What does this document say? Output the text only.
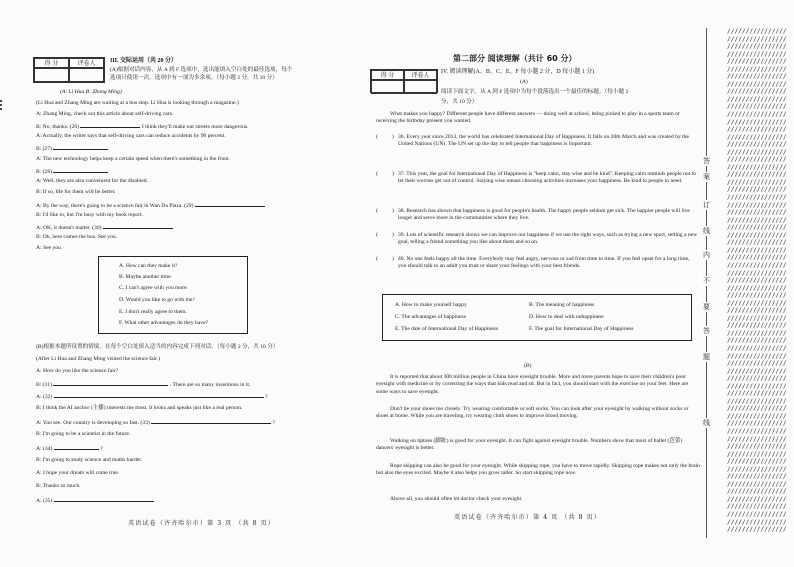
得 分	评卷人	III. 交际运用（共 20 分）
(A)根据对话内容，从 A 到 F 选项中，选出能填入空白处的最佳选项，每个
选项只使用一次。选项中有一项为多余项。（每小题 2 分，共 10 分）
(A: Li Hua B: Zhang Ming)
(Li Hua and Zhang Ming are waiting at a bus stop. Li Hua is looking through a magazine.)
A: Zhang Ming, check out this article about self-driving cars.
B: No, thanks. (26)	I think they'll make our streets more dangerous.
A: Actually, the writer says that self-driving cars can reduce accidents by 90 percent.
B: (27)
A: The new technology helps keep a certain speed when there's something in the front.
B: (28)
A: Well, they are also convenient for the disabled.
B: If so, life for them will be better.
A: By the way, there's going to be a science fair in Wan Da Plaza. (29)
B: I'd like to, but I'm busy with my book report.
A: OK, it doesn't matter. (30)
B: Oh, here comes the bus. See you.
A: See you.
A. How can they make it?
B. Maybe another time.
C. I can't agree with you more.
D. Would you like to go with me?
E. I don't really agree to them.
F. What other advantages do they have?
(B)根据本题所设置的情境，在每个空白处填入适当的内容完成下列对话。（每小题 2 分，共 10 分）
(After Li Hua and Zhang Ming visited the science fair.)
A: How do you like the science fair?
B: (31)	. There are so many inventions in it.
A: (32)	?
B: I think the AI anchor (主播) interests me most. It looks and speaks just like a real person.
A: You see. Our country is developing so fast. (33)	?
B: I'm going to be a scientist in the future.
A: (34)	?
B: I'm going to study science and maths harder.
A: I hope your dream will come true.
B: Thanks so much.
A: (35)
英语试卷（齐齐哈尔市）第 3 页 （共 8 页）
第二部分 阅读理解（共计 60 分）
得 分	评卷人
IV. 阅读理解(A、B、C、E、F 每小题 2 分，D 每小题 1 分)
(A)
阅读下面文字，从 A 到 F 选项中为每个段落选出一个最佳的标题。（每小题 2
分，共 10 分）
What makes you happy? Different people have different answers — doing well at school, being picked to play in a sports team or receiving the birthday present you wanted.
(	) 36. Every year since 2013, the world has celebrated International Day of Happiness. It falls on 20th March and was created by the United Nations (UN). The UN set up the day to tell people that happiness is important.
(	) 37. This year, the goal for International Day of Happiness is "keep calm, stay wise and be kind". Keeping calm reminds people not to let their worries get out of control. Staying wise means choosing activities increases your happiness. Be kind to people in need.
(	) 38. Research has shown that happiness is good for people's health. The happy people seldom get sick. The happier people will live longer and serve more in the communities where they live.
(	) 39. Lots of scientific research shows we can improve our happiness if we use the right ways, such as trying a new sport, setting a new goal, telling a friend something you like about them and so on.
(	) 40. No one feels happy all the time. Everybody may feel angry, nervous or sad from time to time. If you feel upset for a long time, you should talk to an adult you trust or share your feelings with your best friends.
A. How to make yourself happy	B. The meaning of happiness
C. The advantages of happiness	D. How to deal with unhappiness
E. The date of International Day of Happiness	F. The goal for International Day of Happiness
(B)
It is reported that about 300 million people in China have eyesight trouble. More and more parents hope to save their children's poor eyesight with medicine or by correcting the ways that kids read and sit. But in fact, you should start with the exercise on your feet. Here are some ways to save eyesight.
Don't tie your shoes too closely. Try wearing comfortable or soft socks. You can look after your eyesight by walking without socks or shoes at home. While you are traveling, try wearing cloth shoes to improve blood moving.
Walking on tiptoes (脚趾) is good for your eyesight. It can fight against eyesight trouble. Numbers show that most of ballet (芭蕾) dancers' eyesight is better.
Rope skipping can also be good for your eyesight. While skipping rope, you have to move rapidly. Skipping rope makes not only the brain but also the eyes excited. Maybe it also helps you grow taller. So start skipping rope now.
Above all, you should often let doctor check your eyesight.
英语试卷（齐齐哈尔市）第 4 页 （共 8 页）
////////////////
////////////////
////////////////
////////////////
////////////////
////////////////
////////////////
////////////////
////////////////
////////////////
////////////////
////////////////
////////////////
////////////////
////////////////
////////////////
////////////////
////////////////
////////////////
////////////////
////////////////
////////////////
////////////////
////////////////
////////////////
////////////////
////////////////
////////////////
////////////////
////////////////
////////////////
////////////////
////////////////
////////////////
////////////////
////////////////
////////////////
////////////////
////////////////
////////////////
////////////////
////////////////
////////////////
////////////////
////////////////
////////////////
////////////////
////////////////
////////////////
////////////////
////////////////
////////////////
////////////////
////////////////
////////////////
////////////////
////////////////
////////////////
////////////////
////////////////
////////////////
////////////////
////////////////
////////////////
////////////////
////////////////
////////////////
答
案
订
线
内
不
要
答
题
线
